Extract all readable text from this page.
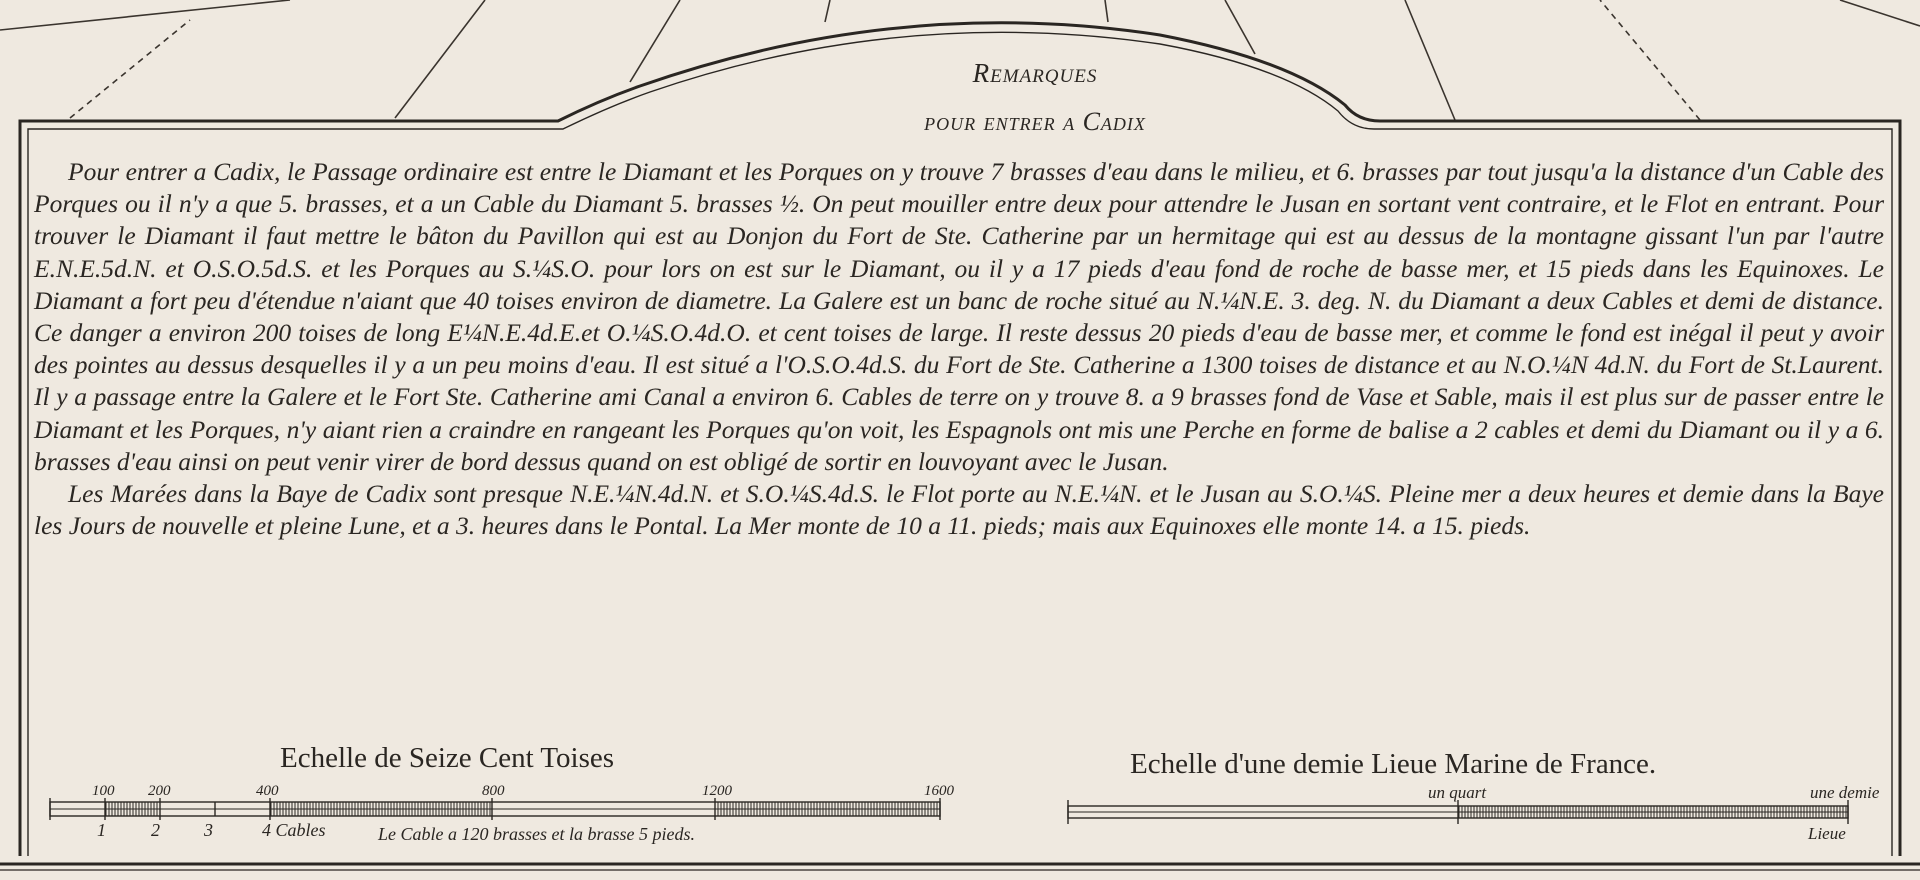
Remarques
pour entrer a Cadix

Pour entrer a Cadix, le Passage ordinaire est entre le Diamant et les Porques on y trouve 7 brasses d'eau dans le milieu, et 6. brasses par tout jusqu'a la distance d'un Cable des Porques ou il n'y a que 5. brasses, et a un Cable du Diamant 5. brasses ½. On peut mouiller entre deux pour attendre le Jusan en sortant vent contraire, et le Flot en entrant. Pour trouver le Diamant il faut mettre le bâton du Pavillon qui est au Donjon du Fort de Ste. Catherine par un hermitage qui est au dessus de la montagne gissant l'un par l'autre E.N.E.5d.N. et O.S.O.5d.S. et les Porques au S.¼S.O. pour lors on est sur le Diamant, ou il y a 17 pieds d'eau fond de roche de basse mer, et 15 pieds dans les Equinoxes. Le Diamant a fort peu d'étendue n'aiant que 40 toises environ de diametre. La Galere est un banc de roche situé au N.¼N.E. 3. deg. N. du Diamant a deux Cables et demi de distance. Ce danger a environ 200 toises de long E¼N.E.4d.E.et O.¼S.O.4d.O. et cent toises de large. Il reste dessus 20 pieds d'eau de basse mer, et comme le fond est inégal il peut y avoir des pointes au dessus desquelles il y a un peu moins d'eau. Il est situé a l'O.S.O.4d.S. du Fort de Ste. Catherine a 1300 toises de distance et au N.O.¼N 4d.N. du Fort de St.Laurent. Il y a passage entre la Galere et le Fort Ste. Catherine ami Canal a environ 6. Cables de terre on y trouve 8. a 9 brasses fond de Vase et Sable, mais il est plus sur de passer entre le Diamant et les Porques, n'y aiant rien a craindre en rangeant les Porques qu'on voit, les Espagnols ont mis une Perche en forme de balise a 2 cables et demi du Diamant ou il y a 6. brasses d'eau ainsi on peut venir virer de bord dessus quand on est obligé de sortir en louvoyant avec le Jusan.

Les Marées dans la Baye de Cadix sont presque N.E.¼N.4d.N. et S.O.¼S.4d.S. le Flot porte au N.E.¼N. et le Jusan au S.O.¼S. Pleine mer a deux heures et demie dans la Baye les Jours de nouvelle et pleine Lune, et a 3. heures dans le Pontal. La Mer monte de 10 a 11. pieds; mais aux Equinoxes elle monte 14. a 15. pieds.

Echelle de Seize Cent Toises
100 200	400	800	1200	1600
1	2 3	4 Cables	Le Cable a 120 brasses et la brasse 5 pieds.
Echelle d'une demie Lieue Marine de France.
un quart	une demie
Lieue
